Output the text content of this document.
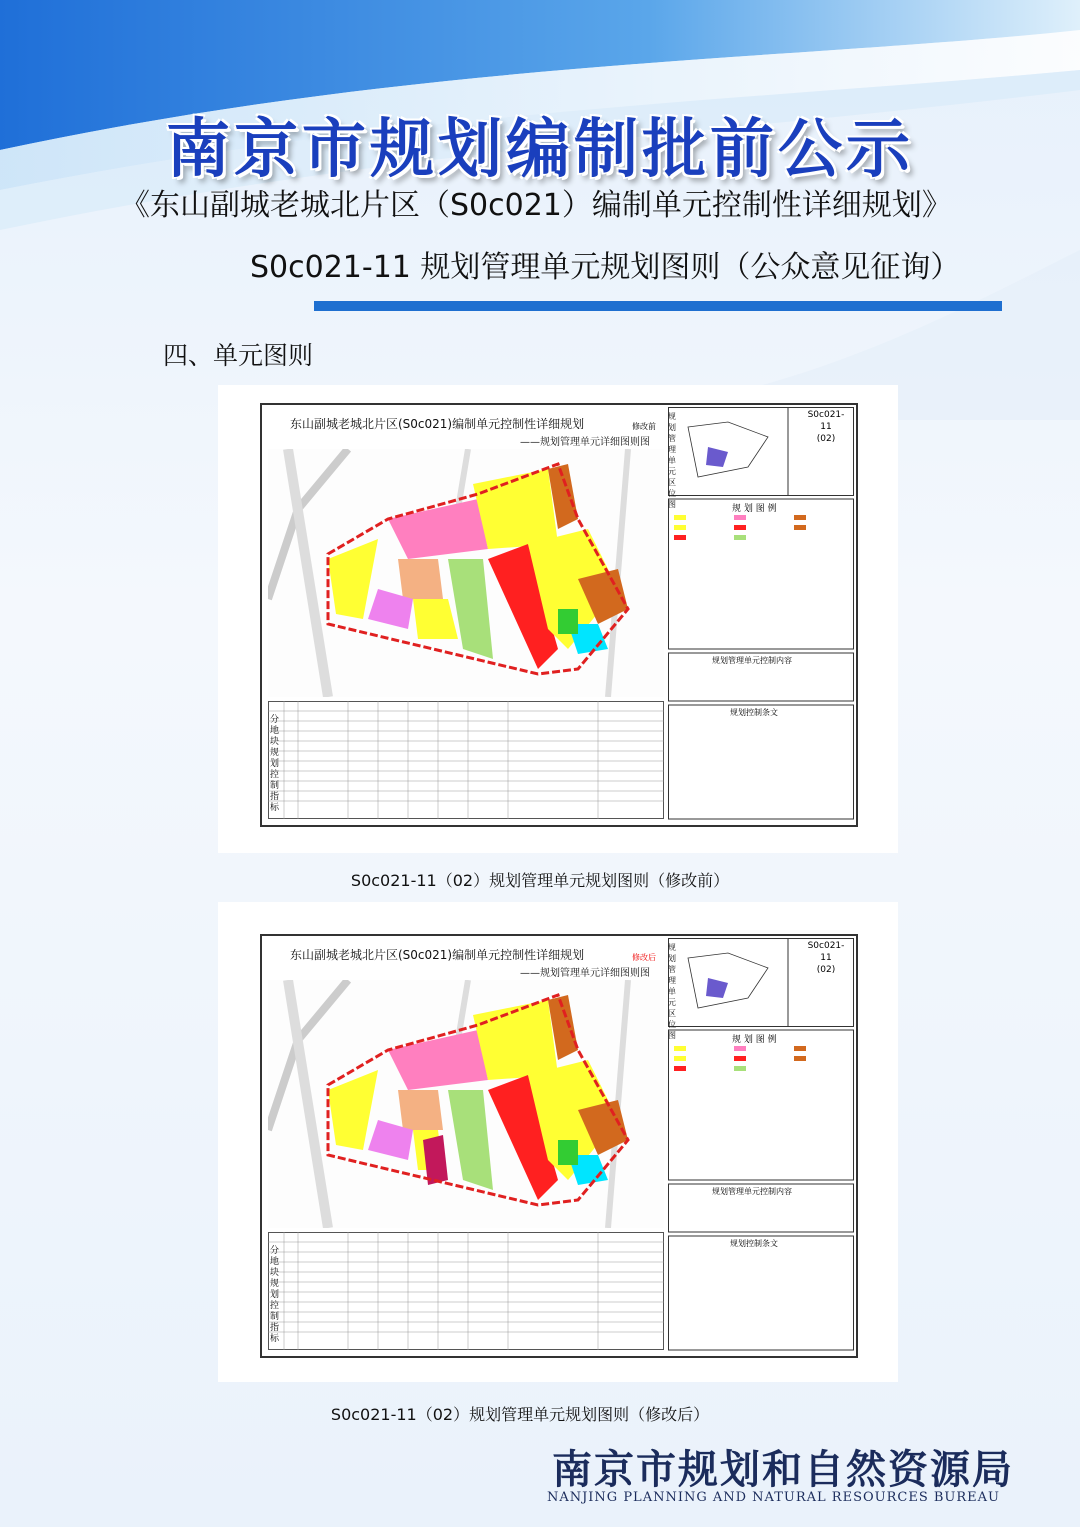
南京市规划编制批前公示
《东山副城老城北片区（S0c021）编制单元控制性详细规划》
S0c021-11 规划管理单元规划图则（公众意见征询）
四、单元图则
东山副城老城北片区(S0c021)编制单元控制性详细规划
——规划管理单元详细图则图
修改前
分地块规划控制指标
规划管理单元区位图
S0c021-11
(02)
规 划 图 例
规划管理单元控制内容
规划控制条文
S0c021-11（02）规划管理单元规划图则（修改前）
东山副城老城北片区(S0c021)编制单元控制性详细规划
——规划管理单元详细图则图
修改后
分地块规划控制指标
规划管理单元区位图
S0c021-11
(02)
规 划 图 例
规划管理单元控制内容
规划控制条文
S0c021-11（02）规划管理单元规划图则（修改后）
南京市规划和自然资源局
NANJING PLANNING AND NATURAL RESOURCES BUREAU
